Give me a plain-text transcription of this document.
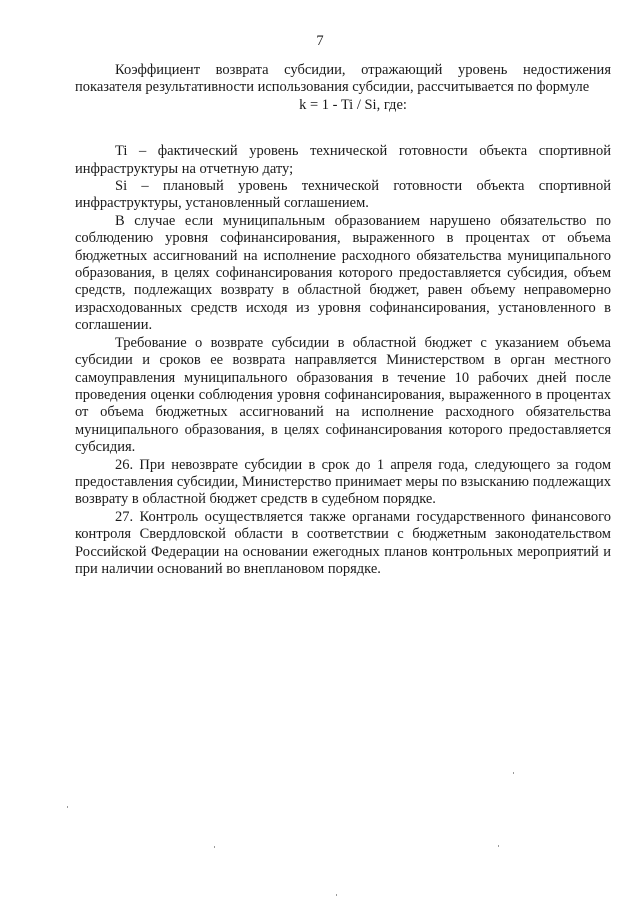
7

Коэффициент возврата субсидии, отражающий уровень недостижения показателя результативности использования субсидии, рассчитывается по формуле

k = 1 - Ti / Si, где:

Ti – фактический уровень технической готовности объекта спортивной инфраструктуры на отчетную дату;

Si – плановый уровень технической готовности объекта спортивной инфраструктуры, установленный соглашением.

В случае если муниципальным образованием нарушено обязательство по соблюдению уровня софинансирования, выраженного в процентах от объема бюджетных ассигнований на исполнение расходного обязательства муниципального образования, в целях софинансирования которого предоставляется субсидия, объем средств, подлежащих возврату в областной бюджет, равен объему неправомерно израсходованных средств исходя из уровня софинансирования, установленного в соглашении.

Требование о возврате субсидии в областной бюджет с указанием объема субсидии и сроков ее возврата направляется Министерством в орган местного самоуправления муниципального образования в течение 10 рабочих дней после проведения оценки соблюдения уровня софинансирования, выраженного в процентах от объема бюджетных ассигнований на исполнение расходного обязательства муниципального образования, в целях софинансирования которого предоставляется субсидия.

26. При невозврате субсидии в срок до 1 апреля года, следующего за годом предоставления субсидии, Министерство принимает меры по взысканию подлежащих возврату в областной бюджет средств в судебном порядке.

27. Контроль осуществляется также органами государственного финансового контроля Свердловской области в соответствии с бюджетным законодательством Российской Федерации на основании ежегодных планов контрольных мероприятий и при наличии оснований во внеплановом порядке.
